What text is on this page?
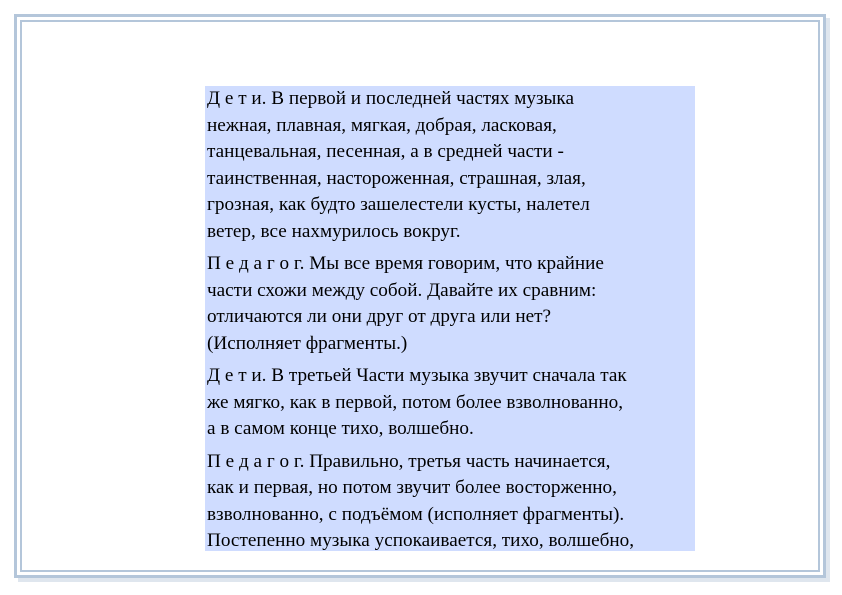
Д е т и. В первой и последней частях музыка
нежная, плавная, мягкая, добрая, ласковая,
танцевальная, песенная, а в средней части -
таинственная, настороженная, страшная, злая,
грозная, как будто зашелестели кусты, налетел
ветер, все нахмурилось вокруг.

П е д а г о г. Мы все время говорим, что крайние
части схожи между собой. Давайте их сравним:
отличаются ли они друг от друга или нет?
(Исполняет фрагменты.)

Д е т и. В третьей Части музыка звучит сначала так
же мягко, как в первой, потом более взволнованно,
а в самом конце тихо, волшебно.

П е д а г о г. Правильно, третья часть начинается,
как и первая, но потом звучит более восторженно,
взволнованно, с подъёмом (исполняет фрагменты).
Постепенно музыка успокаивается, тихо, волшебно,
